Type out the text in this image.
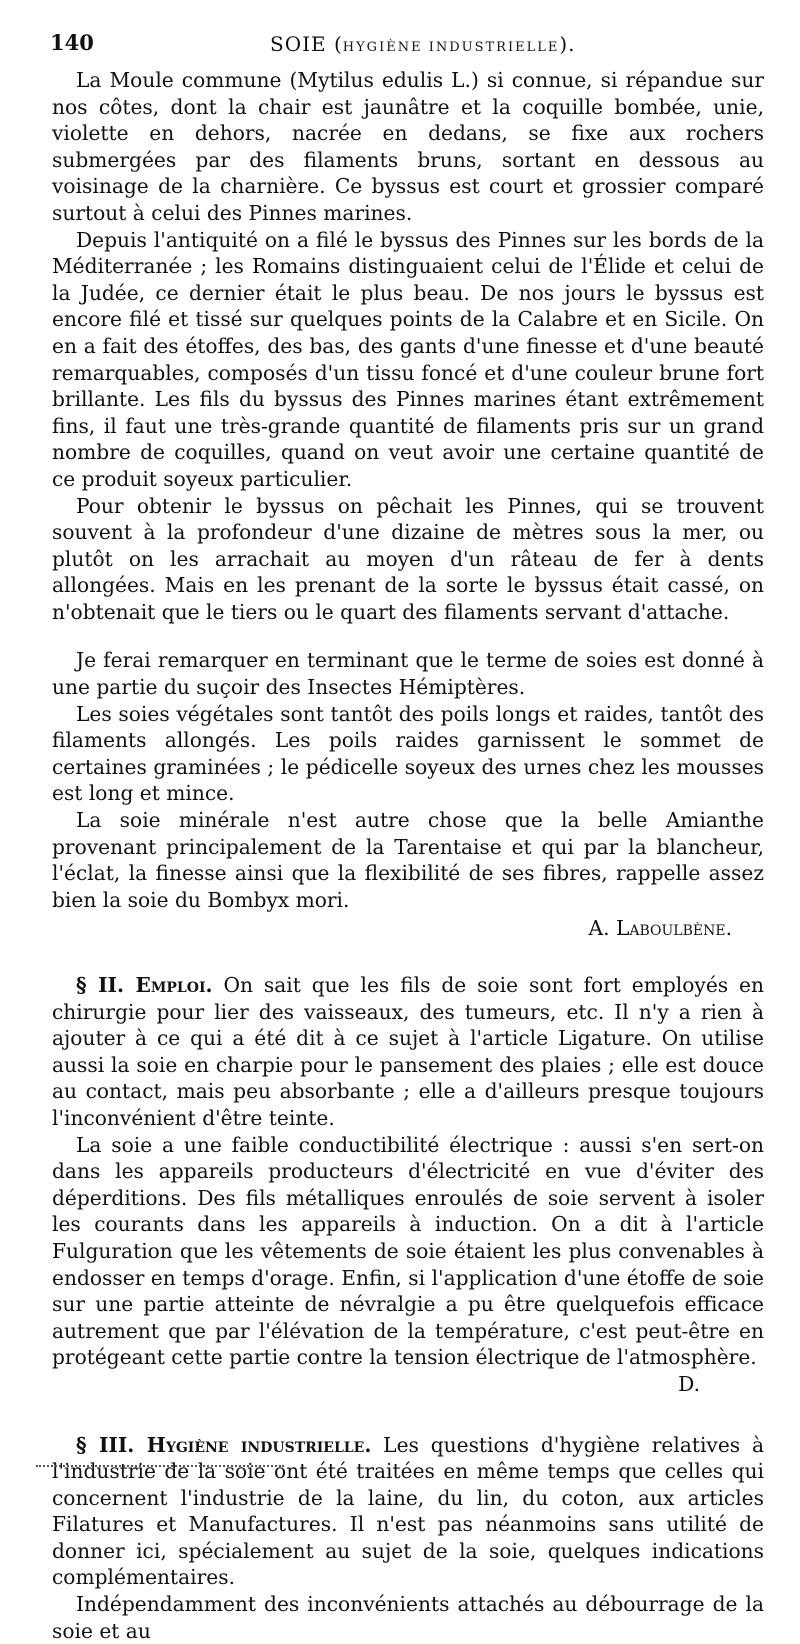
140	SOIE (HYGIÈNE INDUSTRIELLE).

La Moule commune (Mytilus edulis L.) si connue, si répandue sur nos côtes, dont la chair est jaunâtre et la coquille bombée, unie, violette en dehors, nacrée en dedans, se fixe aux rochers submergées par des filaments bruns, sortant en dessous au voisinage de la charnière. Ce byssus est court et grossier comparé surtout à celui des Pinnes marines.

Depuis l'antiquité on a filé le byssus des Pinnes sur les bords de la Méditerranée ; les Romains distinguaient celui de l'Élide et celui de la Judée, ce dernier était le plus beau. De nos jours le byssus est encore filé et tissé sur quelques points de la Calabre et en Sicile. On en a fait des étoffes, des bas, des gants d'une finesse et d'une beauté remarquables, composés d'un tissu foncé et d'une couleur brune fort brillante. Les fils du byssus des Pinnes marines étant extrêmement fins, il faut une très-grande quantité de filaments pris sur un grand nombre de coquilles, quand on veut avoir une certaine quantité de ce produit soyeux particulier.

Pour obtenir le byssus on pêchait les Pinnes, qui se trouvent souvent à la profondeur d'une dizaine de mètres sous la mer, ou plutôt on les arrachait au moyen d'un râteau de fer à dents allongées. Mais en les prenant de la sorte le byssus était cassé, on n'obtenait que le tiers ou le quart des filaments servant d'attache.

Je ferai remarquer en terminant que le terme de soies est donné à une partie du suçoir des Insectes Hémiptères.

Les soies végétales sont tantôt des poils longs et raides, tantôt des filaments allongés. Les poils raides garnissent le sommet de certaines graminées ; le pédicelle soyeux des urnes chez les mousses est long et mince.

La soie minérale n'est autre chose que la belle Amianthe provenant principalement de la Tarentaise et qui par la blancheur, l'éclat, la finesse ainsi que la flexibilité de ses fibres, rappelle assez bien la soie du Bombyx mori.

A. Laboulbène.

§ II. Emploi. On sait que les fils de soie sont fort employés en chirurgie pour lier des vaisseaux, des tumeurs, etc. Il n'y a rien à ajouter à ce qui a été dit à ce sujet à l'article Ligature. On utilise aussi la soie en charpie pour le pansement des plaies ; elle est douce au contact, mais peu absorbante ; elle a d'ailleurs presque toujours l'inconvénient d'être teinte.

La soie a une faible conductibilité électrique : aussi s'en sert-on dans les appareils producteurs d'électricité en vue d'éviter des déperditions. Des fils métalliques enroulés de soie servent à isoler les courants dans les appareils à induction. On a dit à l'article Fulguration que les vêtements de soie étaient les plus convenables à endosser en temps d'orage. Enfin, si l'application d'une étoffe de soie sur une partie atteinte de névralgie a pu être quelquefois efficace autrement que par l'élévation de la température, c'est peut-être en protégeant cette partie contre la tension électrique de l'atmosphère.

D.

§ III. Hygiène industrielle. Les questions d'hygiène relatives à l'industrie de la soie ont été traitées en même temps que celles qui concernent l'industrie de la laine, du lin, du coton, aux articles Filatures et Manufactures. Il n'est pas néanmoins sans utilité de donner ici, spécialement au sujet de la soie, quelques indications complémentaires.

Indépendamment des inconvénients attachés au débourrage de la soie et au
